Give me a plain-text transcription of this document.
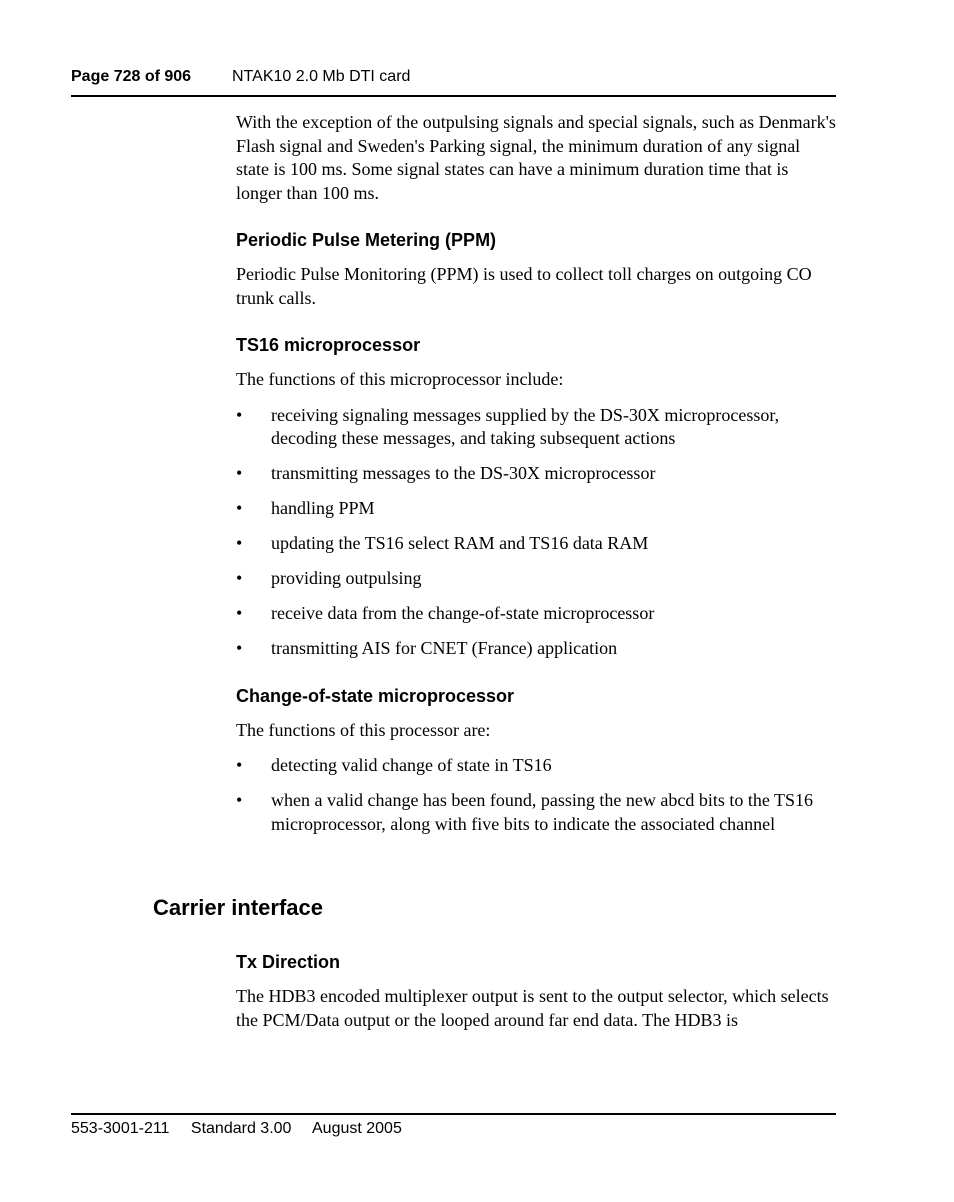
Page 728 of 906	NTAK10 2.0 Mb DTI card

With the exception of the outpulsing signals and special signals, such as Denmark's Flash signal and Sweden's Parking signal, the minimum duration of any signal state is 100 ms. Some signal states can have a minimum duration time that is longer than 100 ms.

Periodic Pulse Metering (PPM)

Periodic Pulse Monitoring (PPM) is used to collect toll charges on outgoing CO trunk calls.

TS16 microprocessor

The functions of this microprocessor include:

• receiving signaling messages supplied by the DS-30X microprocessor, decoding these messages, and taking subsequent actions
• transmitting messages to the DS-30X microprocessor
• handling PPM
• updating the TS16 select RAM and TS16 data RAM
• providing outpulsing
• receive data from the change-of-state microprocessor
• transmitting AIS for CNET (France) application
Change-of-state microprocessor

The functions of this processor are:

• detecting valid change of state in TS16
• when a valid change has been found, passing the new abcd bits to the TS16 microprocessor, along with five bits to indicate the associated channel
Carrier interface
Tx Direction

The HDB3 encoded multiplexer output is sent to the output selector, which selects the PCM/Data output or the looped around far end data. The HDB3 is

553-3001-211 Standard 3.00 August 2005
